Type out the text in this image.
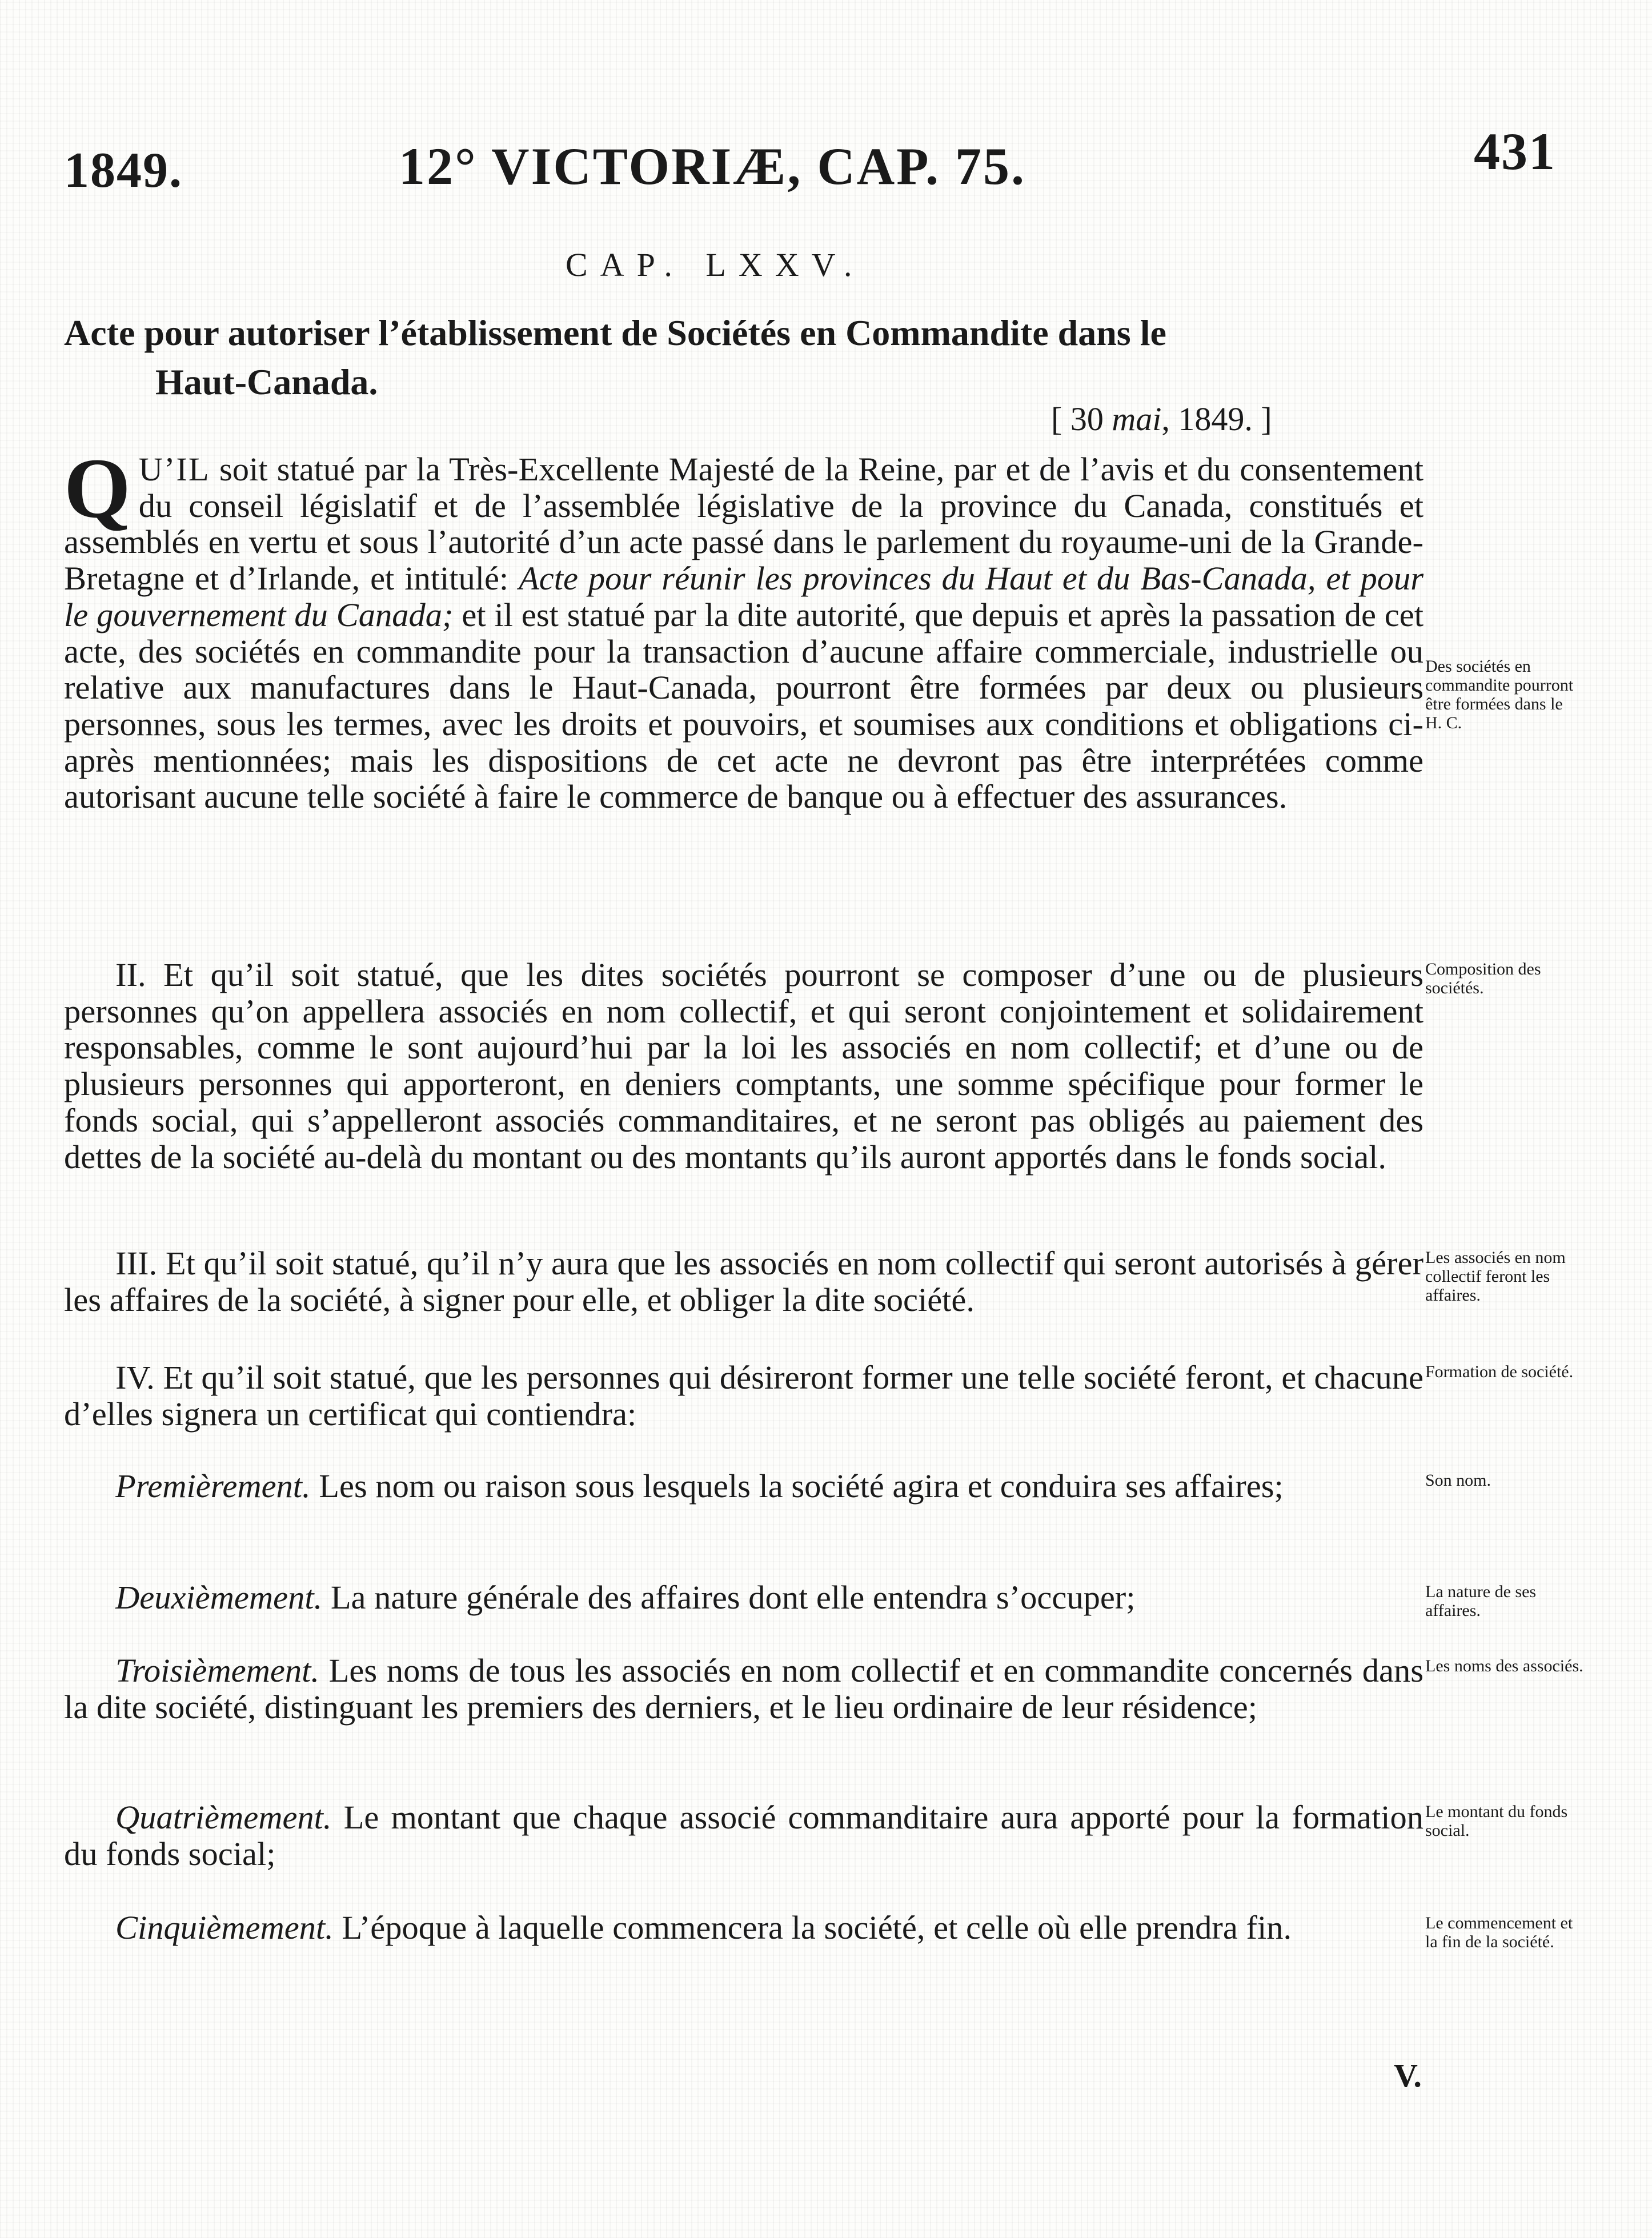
1849.	12° VICTORIÆ, CAP. 75.	431
CAP. LXXV.
Acte pour autoriser l’établissement de Sociétés en Commandite dans le
Haut-Canada.
[ 30 mai, 1849. ]
Q U’IL soit statué par la Très-Excellente Majesté de la Reine, par et de l’avis et du consentement du conseil législatif et de l’assemblée législative de la province du Canada, constitués et assemblés en vertu et sous l’autorité d’un acte passé dans le parlement du royaume-uni de la Grande-Bretagne et d’Irlande, et intitulé: Acte pour réunir les provinces du Haut et du Bas-Canada, et pour le gouvernement du Canada; et il est statué par la dite autorité, que depuis et après la passation de cet acte, des sociétés en commandite pour la transaction d’aucune affaire commerciale, industrielle ou relative aux manufactures dans le Haut-Canada, pourront être formées par deux ou plusieurs personnes, sous les termes, avec les droits et pouvoirs, et soumises aux conditions et obligations ci-après mentionnées; mais les dispositions de cet acte ne devront pas être interprétées comme autorisant aucune telle société à faire le commerce de banque ou à effectuer des assurances.
II. Et qu’il soit statué, que les dites sociétés pourront se composer d’une ou de plusieurs personnes qu’on appellera associés en nom collectif, et qui seront conjointement et solidairement responsables, comme le sont aujourd’hui par la loi les associés en nom collectif; et d’une ou de plusieurs personnes qui apporteront, en deniers comptants, une somme spécifique pour former le fonds social, qui s’appelleront associés commanditaires, et ne seront pas obligés au paiement des dettes de la société au-delà du montant ou des montants qu’ils auront apportés dans le fonds social.
III. Et qu’il soit statué, qu’il n’y aura que les associés en nom collectif qui seront autorisés à gérer les affaires de la société, à signer pour elle, et obliger la dite société.
IV. Et qu’il soit statué, que les personnes qui désireront former une telle société feront, et chacune d’elles signera un certificat qui contiendra:
Premièrement. Les nom ou raison sous lesquels la société agira et conduira ses affaires;
Deuxièmement. La nature générale des affaires dont elle entendra s’occuper;
Troisièmement. Les noms de tous les associés en nom collectif et en commandite concernés dans la dite société, distinguant les premiers des derniers, et le lieu ordinaire de leur résidence;
Quatrièmement. Le montant que chaque associé commanditaire aura apporté pour la formation du fonds social;
Cinquièmement. L’époque à laquelle commencera la société, et celle où elle prendra fin.
Des sociétés en commandite pourront être formées dans le H. C.
Composition des sociétés.
Les associés en nom collectif feront les affaires.
Formation de société.
Son nom.
La nature de ses affaires.
Les noms des associés.
Le montant du fonds social.
Le commencement et la fin de la société.
V.
